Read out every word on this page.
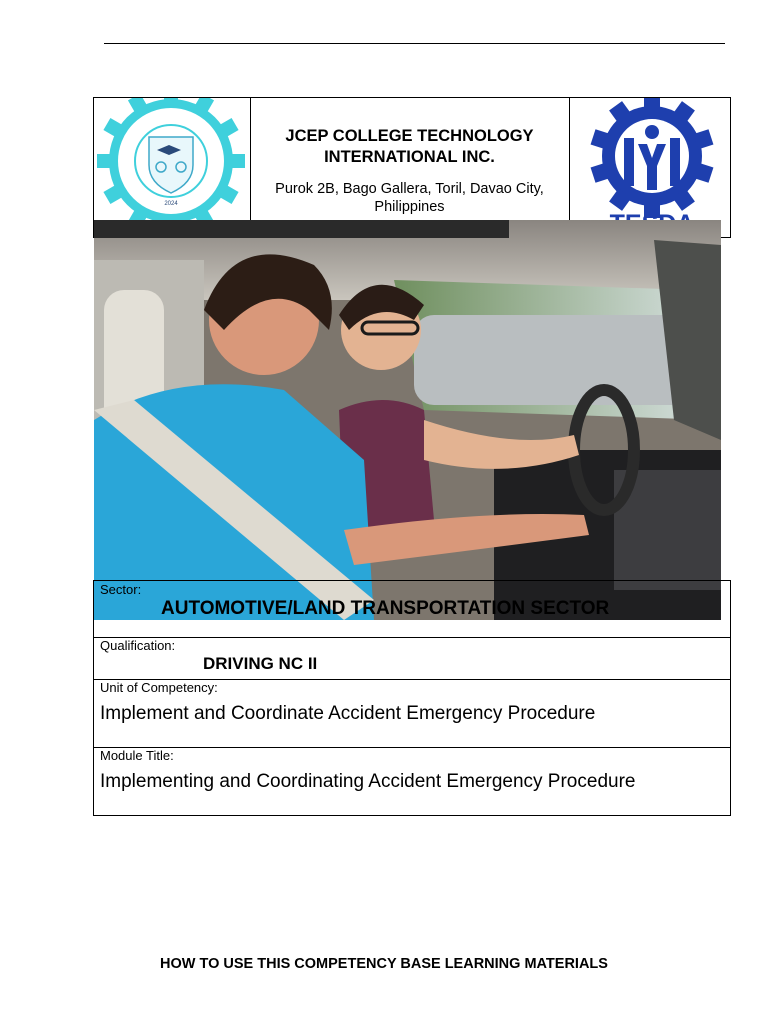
2024
JCEP COLLEGE TECHNOLOGY INTERNATIONAL INC.
Purok 2B, Bago Gallera, Toril, Davao City, Philippines
Sector:
AUTOMOTIVE/LAND TRANSPORTATION SECTOR
Qualification:
DRIVING NC II
Unit of Competency:
Implement and Coordinate Accident Emergency Procedure
Module Title:
Implementing and Coordinating Accident Emergency Procedure
HOW TO USE THIS COMPETENCY BASE LEARNING MATERIALS
